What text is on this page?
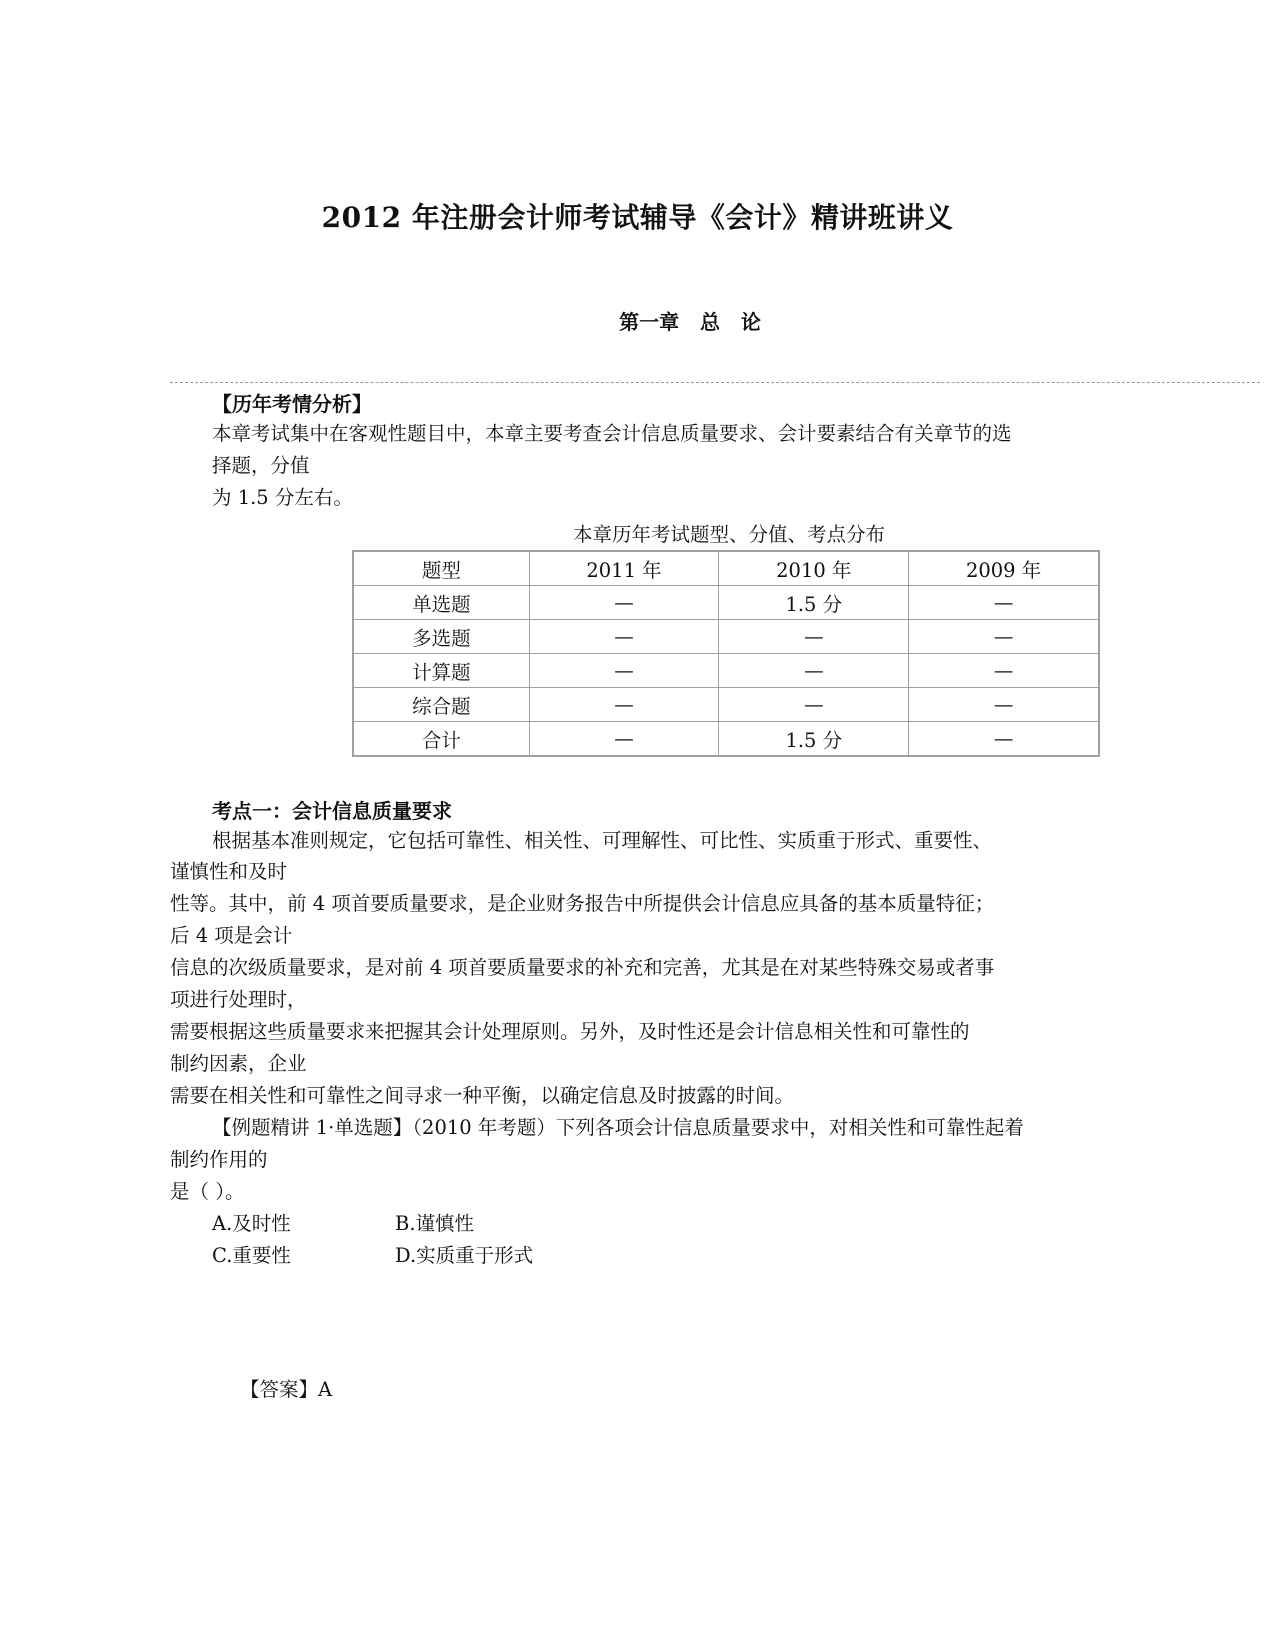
2012 年注册会计师考试辅导《会计》精讲班讲义
第一章   总   论
【历年考情分析】
本章考试集中在客观性题目中，本章主要考查会计信息质量要求、会计要素结合有关章节的选
择题，分值
为 1.5 分左右。
本章历年考试题型、分值、考点分布
题型	2011 年	2010 年	2009 年
单选题	—	1.5 分	—
多选题	—	—	—
计算题	—	—	—
综合题	—	—	—
合计	—	1.5 分	—
考点一：会计信息质量要求
根据基本准则规定，它包括可靠性、相关性、可理解性、可比性、实质重于形式、重要性、
谨慎性和及时
性等。其中，前 4 项首要质量要求，是企业财务报告中所提供会计信息应具备的基本质量特征；
后 4 项是会计
信息的次级质量要求，是对前 4 项首要质量要求的补充和完善，尤其是在对某些特殊交易或者事
项进行处理时，
需要根据这些质量要求来把握其会计处理原则。另外，及时性还是会计信息相关性和可靠性的
制约因素，企业
需要在相关性和可靠性之间寻求一种平衡，以确定信息及时披露的时间。
【例题精讲 1·单选题】（2010 年考题）下列各项会计信息质量要求中，对相关性和可靠性起着
制约作用的
是（ ）。
A.及时性	B.谨慎性
C.重要性	D.实质重于形式
【答案】A
